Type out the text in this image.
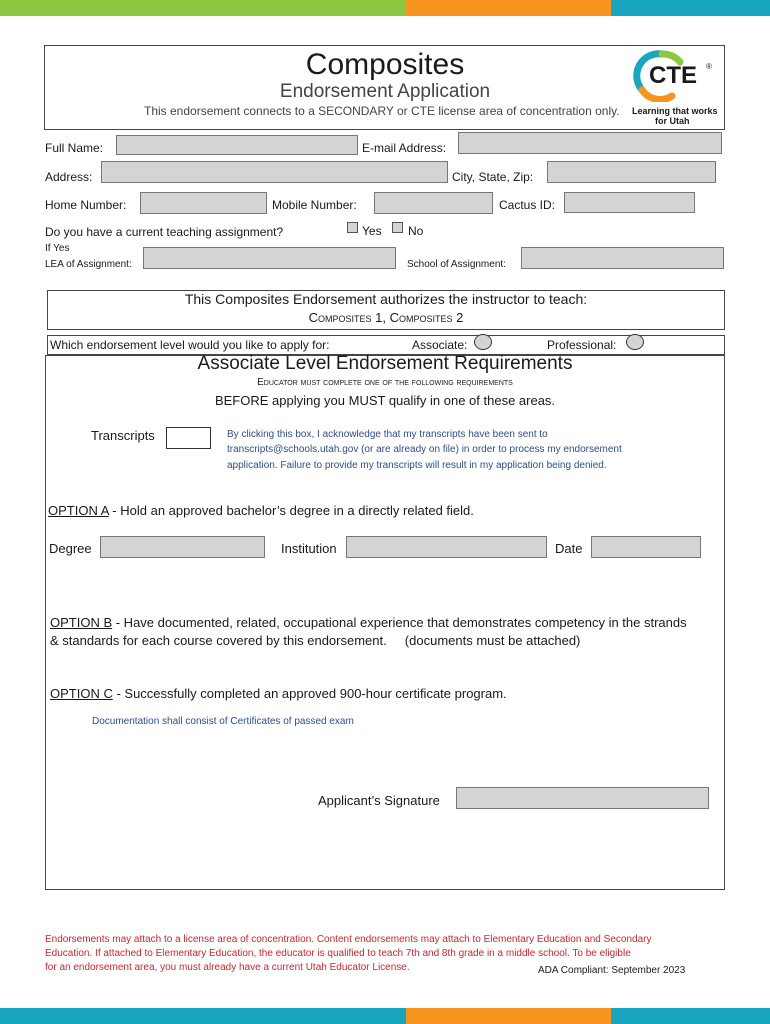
Composites
Endorsement Application
This endorsement connects to a SECONDARY or CTE license area of concentration only.
CTE ®
Learning that works
for Utah
Full Name:	E-mail Address:
Address:	City, State, Zip:
Home Number:	Mobile Number:	Cactus ID:
Do you have a current teaching assignment?	Yes No
If Yes
LEA of Assignment:	School of Assignment:
This Composites Endorsement authorizes the instructor to teach:
Composites 1, Composites 2
Which endorsement level would you like to apply for:	Associate:	Professional:
Associate Level Endorsement Requirements
Educator must complete one of the following requirements
BEFORE applying you MUST qualify in one of these areas.
Transcripts	By clicking this box, I acknowledge that my transcripts have been sent to
transcripts@schools.utah.gov (or are already on file) in order to process my endorsement
application. Failure to provide my transcripts will result in my application being denied.
OPTION A - Hold an approved bachelor’s degree in a directly related field.
Degree	Institution	Date
OPTION B - Have documented, related, occupational experience that demonstrates competency in the strands
& standards for each course covered by this endorsement.     (documents must be attached)
OPTION C - Successfully completed an approved 900-hour certificate program.
Documentation shall consist of Certificates of passed exam
Applicant’s Signature
Endorsements may attach to a license area of concentration. Content endorsements may attach to Elementary Education and Secondary
Education. If attached to Elementary Education, the educator is qualified to teach 7th and 8th grade in a middle school. To be eligible
for an endorsement area, you must already have a current Utah Educator License.	ADA Compliant: September 2023
